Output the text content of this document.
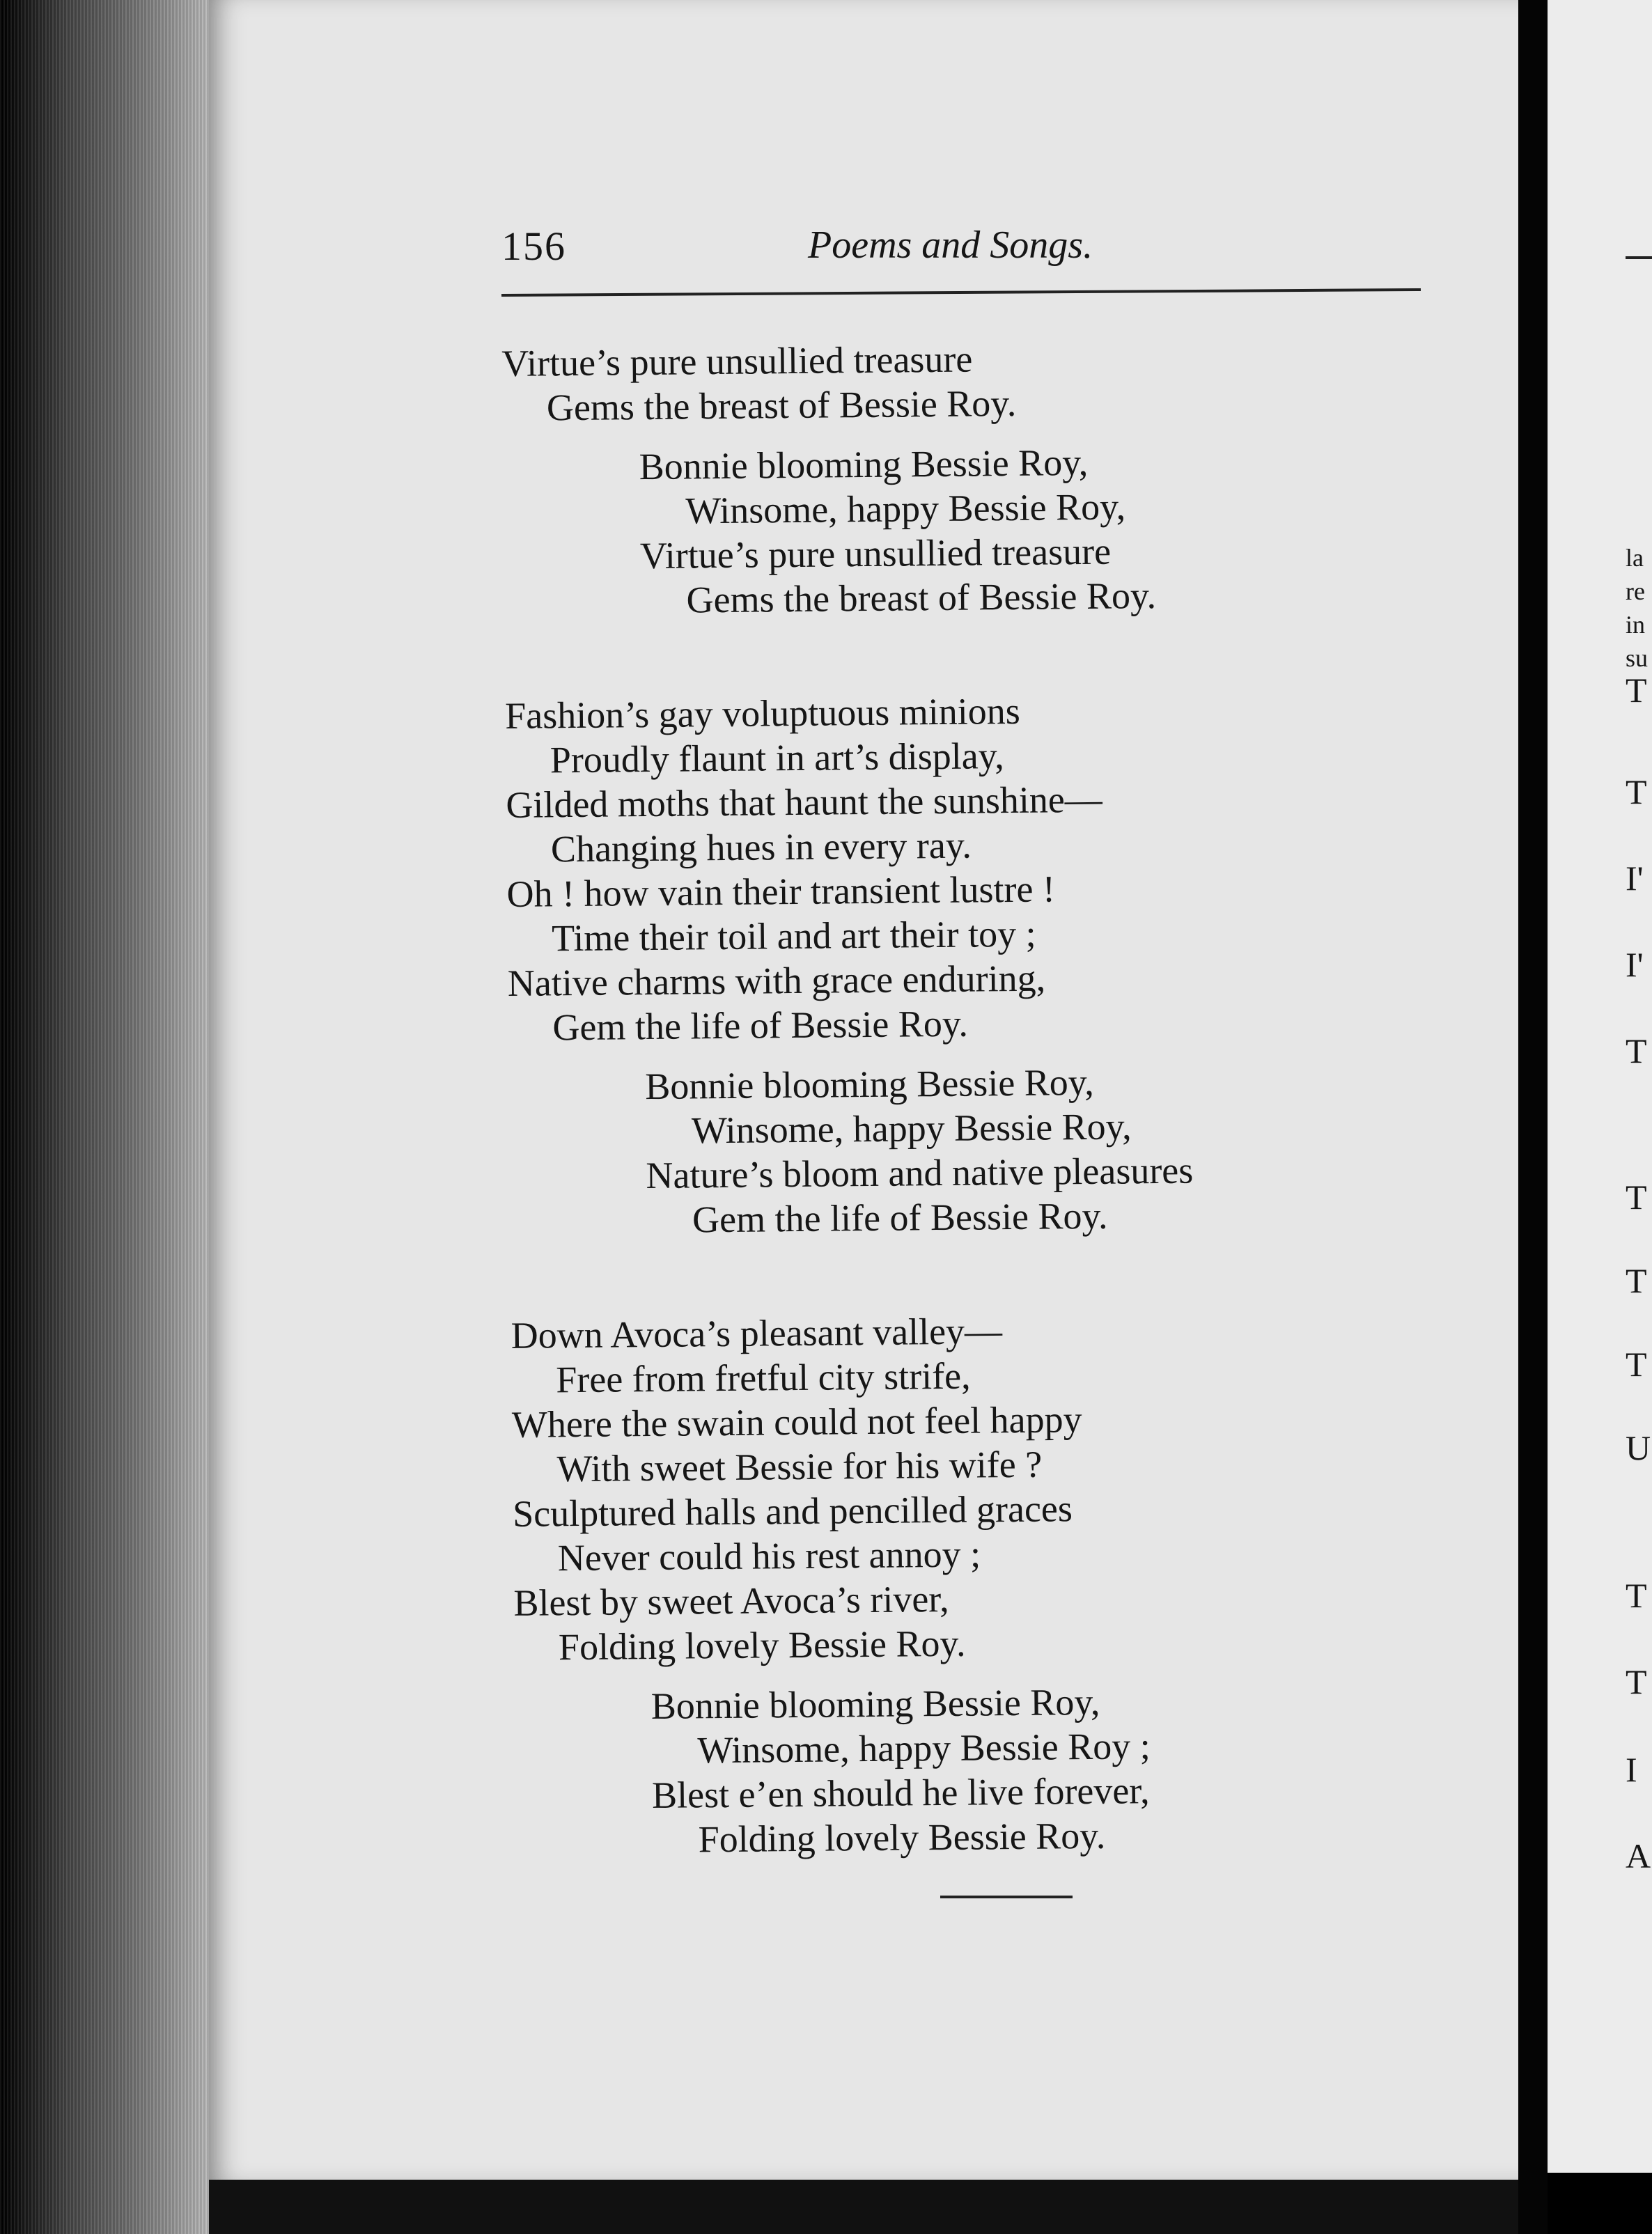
156	Poems and Songs.
Virtue’s pure unsullied treasure
Gems the breast of Bessie Roy.
Bonnie blooming Bessie Roy,
Winsome, happy Bessie Roy,
Virtue’s pure unsullied treasure
Gems the breast of Bessie Roy.
Fashion’s gay voluptuous minions
Proudly flaunt in art’s display,
Gilded moths that haunt the sunshine—
Changing hues in every ray.
Oh ! how vain their transient lustre !
Time their toil and art their toy ;
Native charms with grace enduring,
Gem the life of Bessie Roy.
Bonnie blooming Bessie Roy,
Winsome, happy Bessie Roy,
Nature’s bloom and native pleasures
Gem the life of Bessie Roy.
Down Avoca’s pleasant valley—
Free from fretful city strife,
Where the swain could not feel happy
With sweet Bessie for his wife ?
Sculptured halls and pencilled graces
Never could his rest annoy ;
Blest by sweet Avoca’s river,
Folding lovely Bessie Roy.
Bonnie blooming Bessie Roy,
Winsome, happy Bessie Roy ;
Blest e’en should he live forever,
Folding lovely Bessie Roy.
la
re
in
su
T
T
I'
I'
T
T
T
T
U
T
T
I
A
